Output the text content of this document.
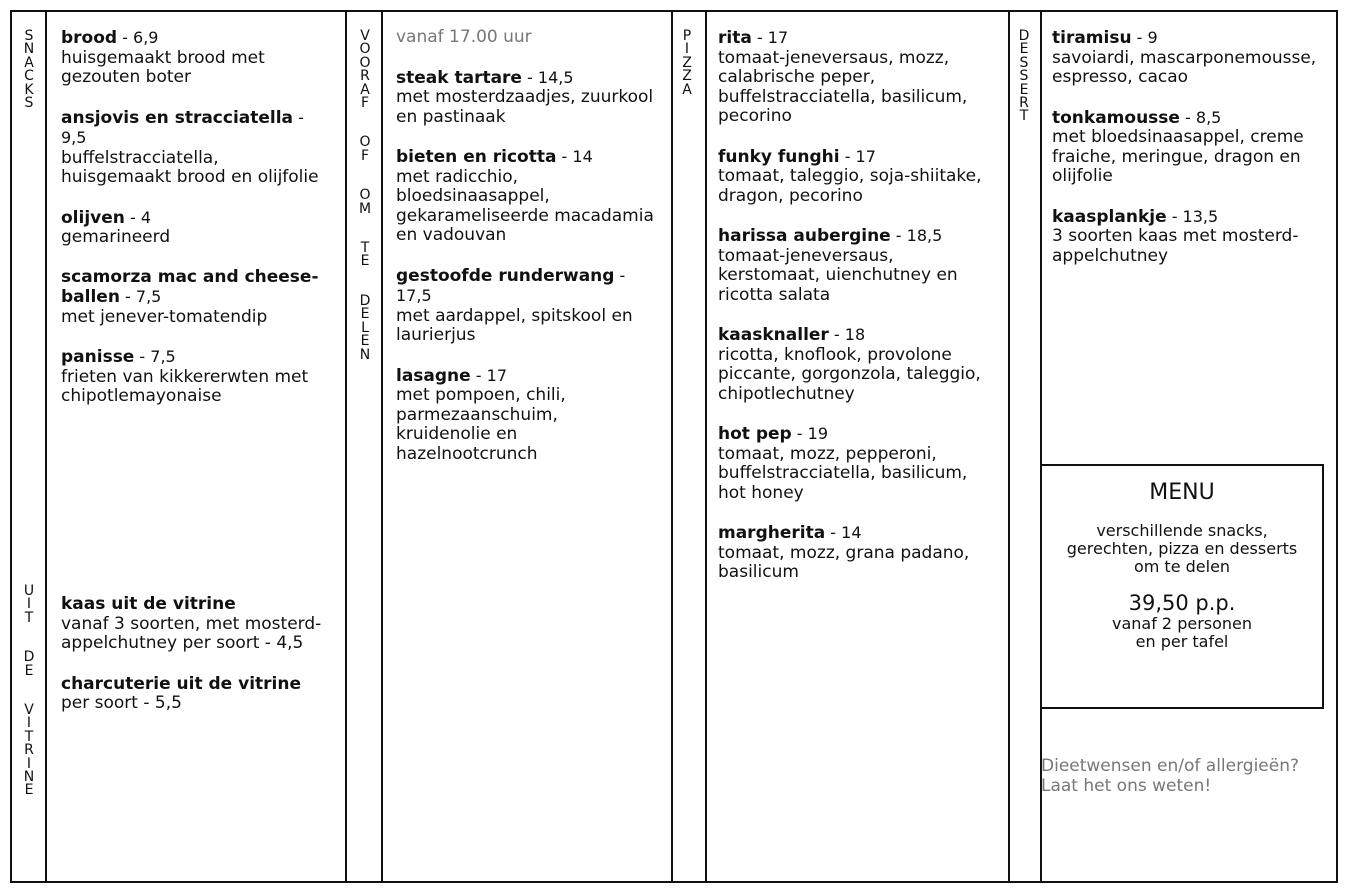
S
N
A
C
K
S
U
I
T

D
E

V
I
T
R
I
N
E
V
O
O
R
A
F

O
F

O
M

T
E

D
E
L
E
N
P
I
Z
Z
A
D
E
S
S
E
R
T
brood - 6,9
huisgemaakt brood met gezouten boter
ansjovis en stracciatella - 9,5
buffelstracciatella, huisgemaakt brood en olijfolie
olijven - 4
gemarineerd
scamorza mac and cheese-ballen - 7,5
met jenever-tomatendip
panisse - 7,5
frieten van kikkererwten met chipotlemayonaise
kaas uit de vitrine
vanaf 3 soorten, met mosterd-appelchutney per soort - 4,5
charcuterie uit de vitrine
per soort - 5,5
vanaf 17.00 uur
steak tartare - 14,5
met mosterdzaadjes, zuurkool en pastinaak
bieten en ricotta - 14
met radicchio, bloedsinaasappel, gekarameliseerde macadamia en vadouvan
gestoofde runderwang - 17,5
met aardappel, spitskool en laurierjus
lasagne - 17
met pompoen, chili, parmezaanschuim, kruidenolie en hazelnootcrunch
rita - 17
tomaat-jeneversaus, mozz, calabrische peper, buffelstracciatella, basilicum, pecorino
funky funghi - 17
tomaat, taleggio, soja-shiitake, dragon, pecorino
harissa aubergine - 18,5
tomaat-jeneversaus, kerstomaat, uienchutney en ricotta salata
kaasknaller - 18
ricotta, knoflook, provolone piccante, gorgonzola, taleggio, chipotlechutney
hot pep - 19
tomaat, mozz, pepperoni, buffelstracciatella, basilicum, hot honey
margherita - 14
tomaat, mozz, grana padano, basilicum
tiramisu - 9
savoiardi, mascarponemousse, espresso, cacao
tonkamousse - 8,5
met bloedsinaasappel, creme fraiche, meringue, dragon en olijfolie
kaasplankje - 13,5
3 soorten kaas met mosterd-appelchutney
MENU
verschillende snacks, gerechten, pizza en desserts om te delen
39,50 p.p.
vanaf 2 personen en per tafel
Dieetwensen en/of allergieën? Laat het ons weten!
